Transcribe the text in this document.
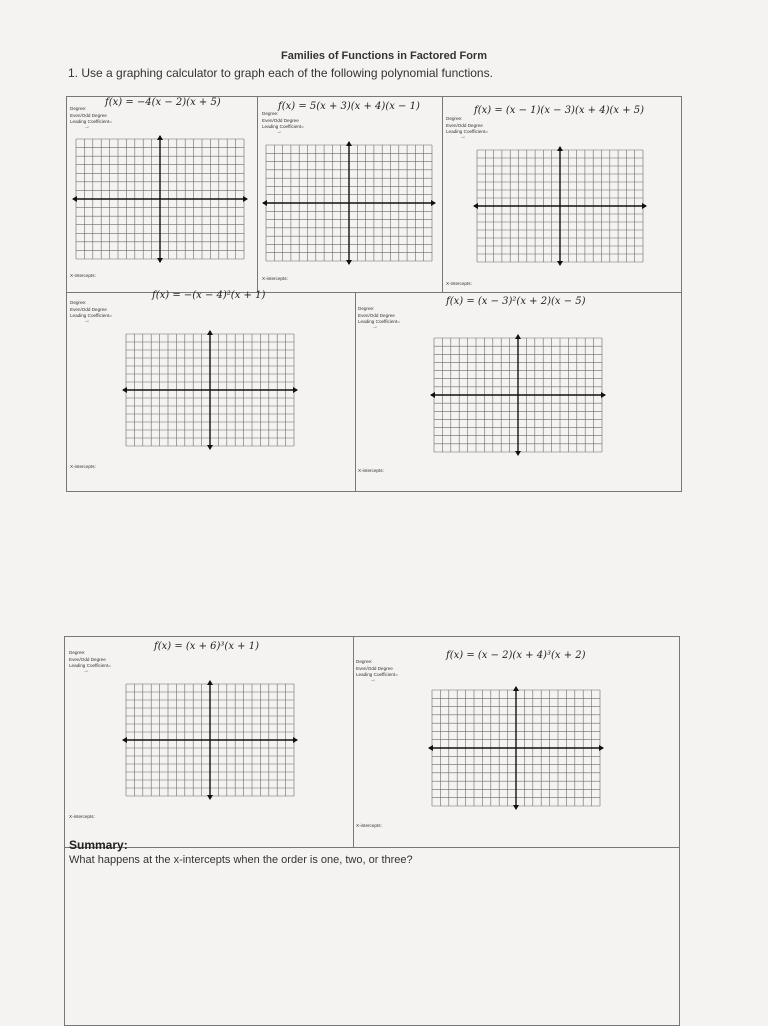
Families of Functions in Factored Form
1. Use a graphing calculator to graph each of the following polynomial functions.
f(x) = −4(x − 2)(x + 5)
Degree:
Even/Odd Degree
Leading Coefficient=
→
X-intercepts:
f(x) = 5(x + 3)(x + 4)(x − 1)
Degree:
Even/Odd Degree
Leading Coefficient=
→
X-intercepts:
f(x) = (x − 1)(x − 3)(x + 4)(x + 5)
Degree:
Even/Odd Degree
Leading Coefficient=
→
X-intercepts:
f(x) = −(x − 4)²(x + 1)
Degree:
Even/Odd Degree
Leading Coefficient=
→
X-intercepts:
f(x) = (x − 3)²(x + 2)(x − 5)
Degree:
Even/Odd Degree
Leading Coefficient=
→
X-intercepts:
f(x) = (x + 6)³(x + 1)
Degree:
Even/Odd Degree
Leading Coefficient=
→
X-intercepts:
f(x) = (x − 2)(x + 4)³(x + 2)
Degree:
Even/Odd Degree
Leading Coefficient=
→
X-intercepts:
Summary:
What happens at the x-intercepts when the order is one, two, or three?
